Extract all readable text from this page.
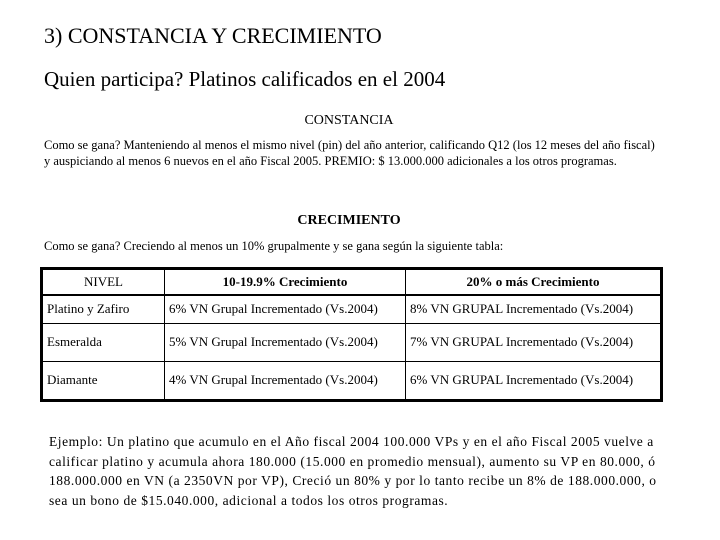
3) CONSTANCIA Y CRECIMIENTO
Quien participa? Platinos calificados en el 2004
CONSTANCIA
Como se gana? Manteniendo al menos el mismo nivel (pin) del año anterior, calificando Q12 (los 12 meses del año fiscal) y auspiciando al menos 6 nuevos en el año Fiscal 2005. PREMIO: $ 13.000.000 adicionales a los otros programas.
CRECIMIENTO
Como se gana? Creciendo al menos un 10% grupalmente y se gana según la siguiente tabla:
NIVEL	10-19.9% Crecimiento	20% o más Crecimiento
Platino y Zafiro	6% VN Grupal Incrementado (Vs.2004)	8% VN GRUPAL Incrementado (Vs.2004)
Esmeralda	5% VN Grupal Incrementado (Vs.2004)	7% VN GRUPAL Incrementado (Vs.2004)
Diamante	4% VN Grupal Incrementado (Vs.2004)	6% VN GRUPAL Incrementado (Vs.2004)
Ejemplo: Un platino que acumulo en el Año fiscal 2004 100.000 VPs y en el año Fiscal 2005 vuelve a calificar platino y acumula ahora 180.000 (15.000 en promedio mensual), aumento su VP en 80.000, ó 188.000.000 en VN (a 2350VN por VP), Creció un 80% y por lo tanto recibe un 8% de 188.000.000, o sea un bono de $15.040.000, adicional a todos los otros programas.
